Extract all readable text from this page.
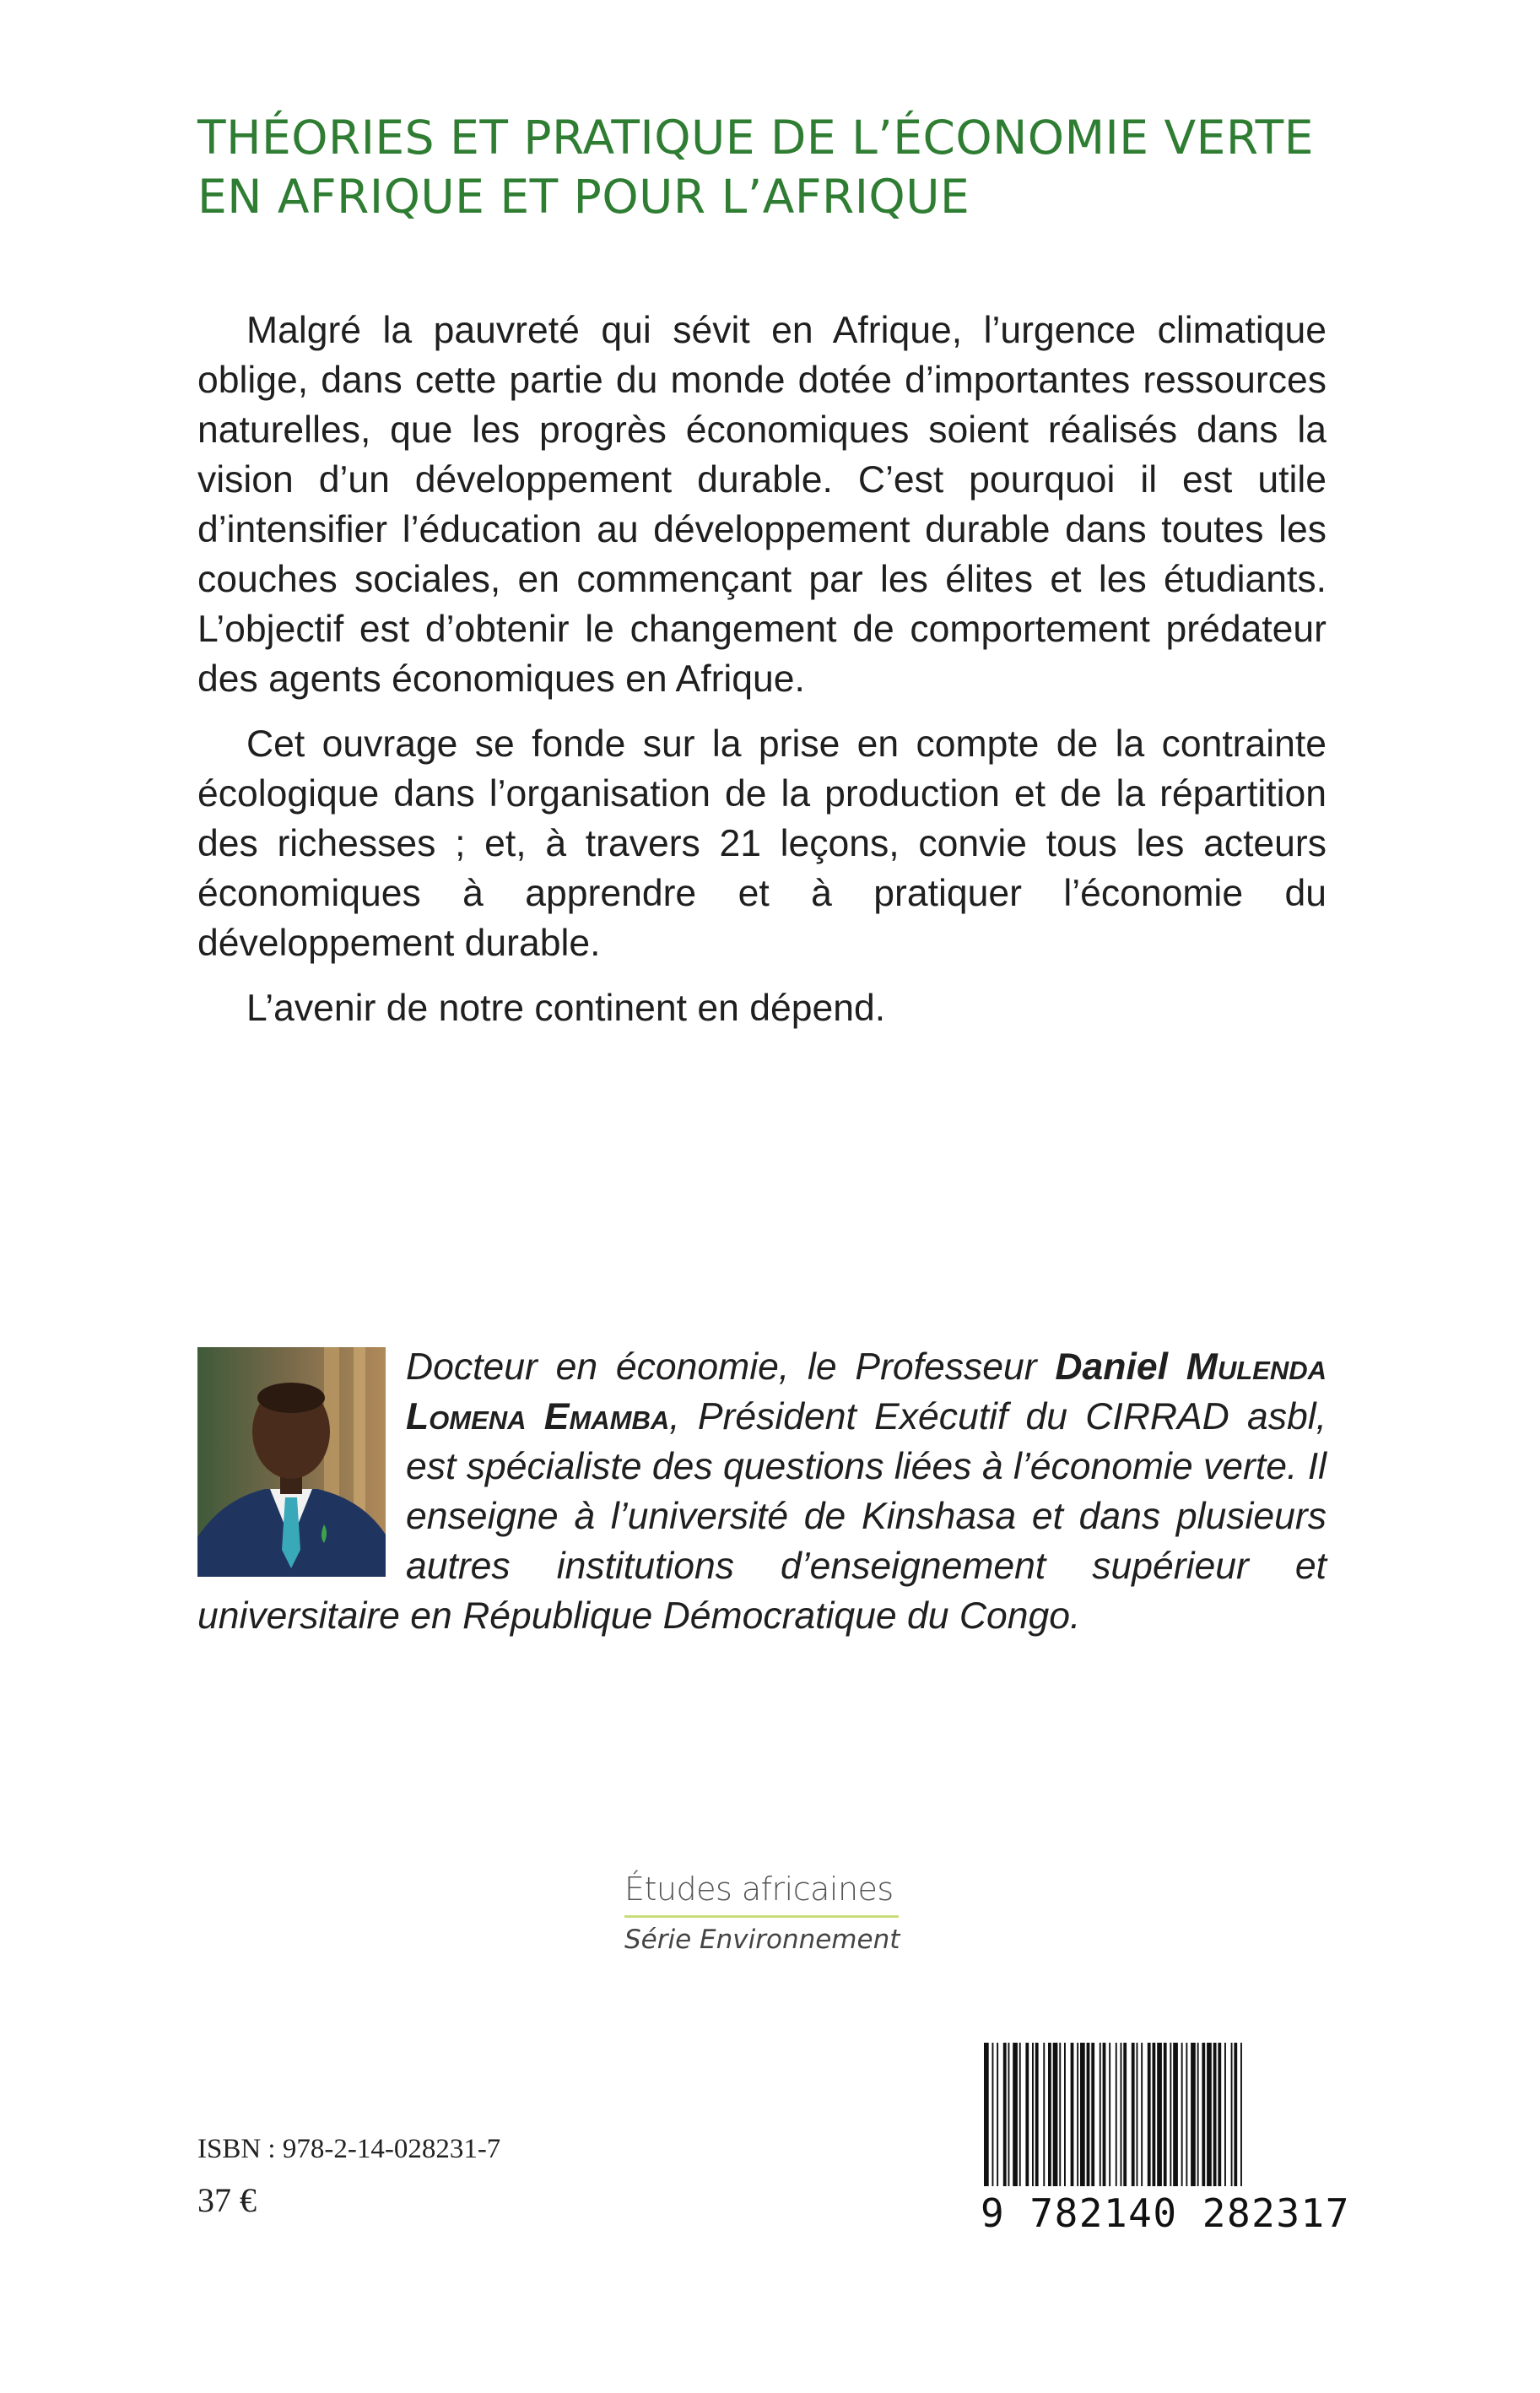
THÉORIES ET PRATIQUE DE L’ÉCONOMIE VERTE
EN AFRIQUE ET POUR L’AFRIQUE

Malgré la pauvreté qui sévit en Afrique, l’urgence climatique oblige, dans cette partie du monde dotée d’importantes ressources naturelles, que les progrès économiques soient réalisés dans la vision d’un développement durable. C’est pourquoi il est utile d’intensifier l’éducation au développement durable dans toutes les couches sociales, en commençant par les élites et les étudiants. L’objectif est d’obtenir le changement de comportement prédateur des agents économiques en Afrique.

Cet ouvrage se fonde sur la prise en compte de la contrainte écologique dans l’organisation de la production et de la répartition des richesses ; et, à travers 21 leçons, convie tous les acteurs économiques à apprendre et à pratiquer l’économie du développement durable.

L’avenir de notre continent en dépend.

Docteur en économie, le Professeur Daniel Mulenda Lomena Emamba, Président Exécutif du CIRRAD asbl, est spécialiste des questions liées à l’économie verte. Il enseigne à l’université de Kinshasa et dans plusieurs autres institutions d’enseignement supérieur et universitaire en République Démocratique du Congo.

Études africaines
Série Environnement
ISBN : 978-2-14-028231-7
37 €	9 782140 282317
